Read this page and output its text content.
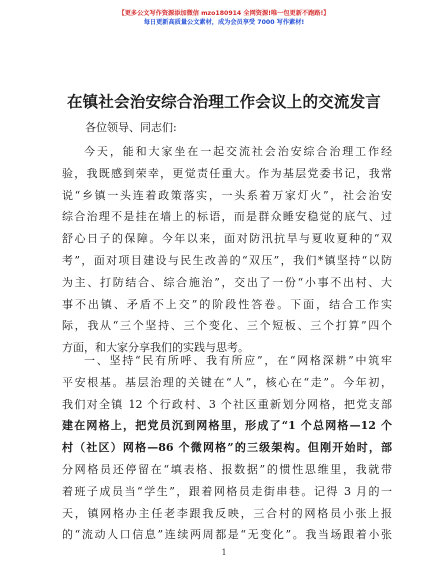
【更多公文写作资源添加微信 mzo180914 全网资源!唯一包更新不跑路!】
每日更新高质量公文素材，成为会员享受 7000 写作素材!
在镇社会治安综合治理工作会议上的交流发言
各位领导、同志们:
今天，能和大家坐在一起交流社会治安综合治理工作经
验，我既感到荣幸，更觉责任重大。作为基层党委书记，我常
说“乡镇一头连着政策落实，一头系着万家灯火”，社会治安
综合治理不是挂在墙上的标语，而是群众睡安稳觉的底气、过
舒心日子的保障。今年以来，面对防汛抗旱与夏收夏种的“双
考”，面对项目建设与民生改善的“双压”，我们*镇坚持“以防
为主、打防结合、综合施治”，交出了一份“小事不出村、大
事不出镇、矛盾不上交”的阶段性答卷。下面，结合工作实
际，我从“三个坚持、三个变化、三个短板、三个打算”四个
方面，和大家分享我们的实践与思考。
一、坚持“民有所呼、我有所应”，在“网格深耕”中筑牢
平安根基。基层治理的关键在“人”，核心在“走”。今年初，
我们对全镇 12 个行政村、3 个社区重新划分网格，把党支部
建在网格上，把党员沉到网格里，形成了“1 个总网格—12 个
村（社区）网格—86 个微网格”的三级架构。但刚开始时，部
分网格员还停留在“填表格、报数据”的惯性思维里，我就带
着班子成员当“学生”，跟着网格员走街串巷。记得 3 月的一
天，镇网格办主任老李跟我反映，三合村的网格员小张上报
的“流动人口信息”连续两周都是“无变化”。我当场跟着小张
1
